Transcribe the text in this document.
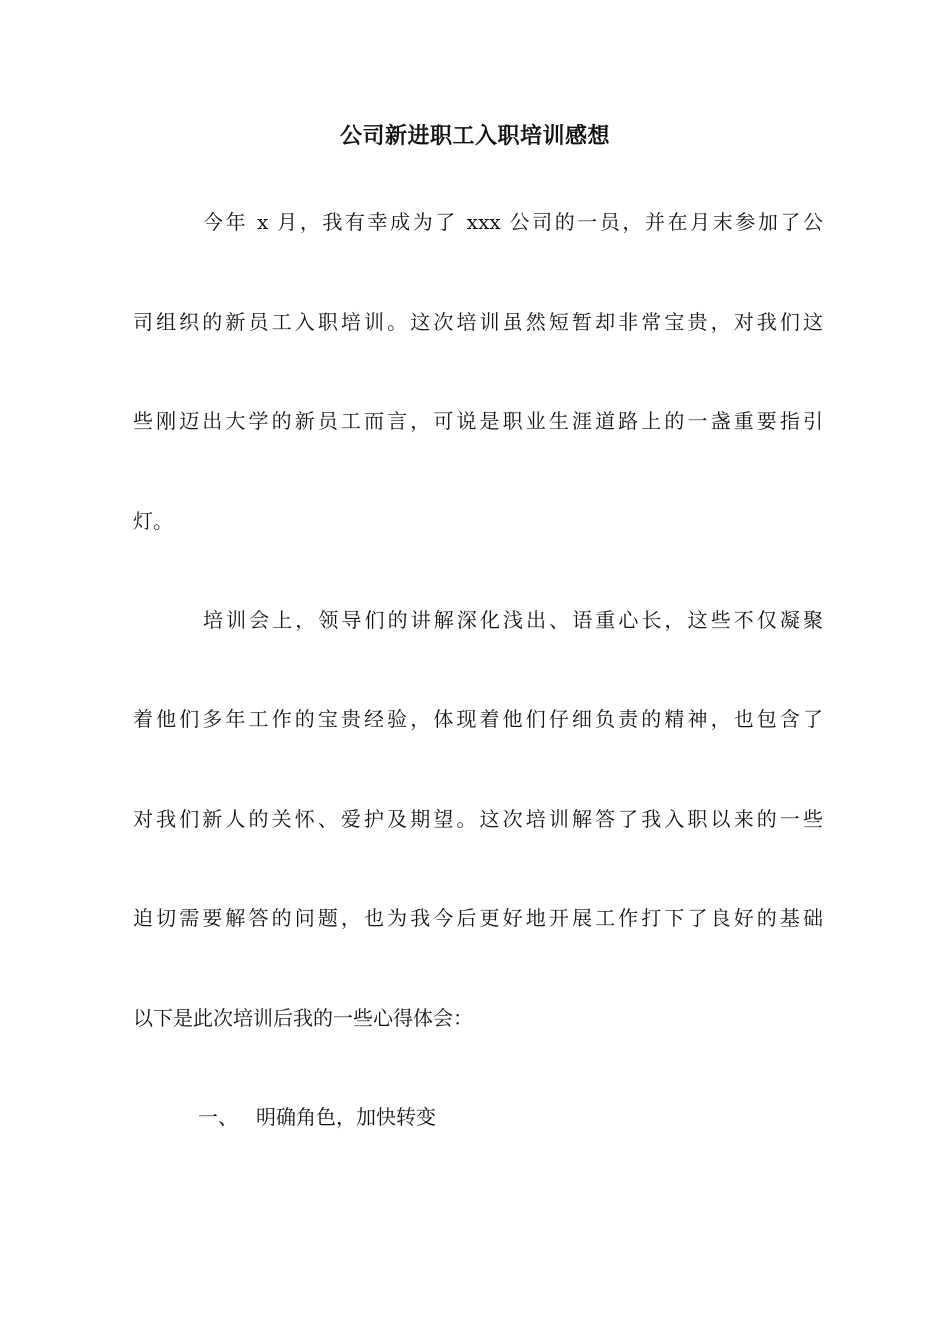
公司新进职工入职培训感想

今年 x 月，我有幸成为了 xxx 公司的一员，并在月末参加了公

司组织的新员工入职培训。这次培训虽然短暂却非常宝贵，对我们这

些刚迈出大学的新员工而言，可说是职业生涯道路上的一盏重要指引

灯。

培训会上，领导们的讲解深化浅出、语重心长，这些不仅凝聚

着他们多年工作的宝贵经验，体现着他们仔细负责的精神，也包含了

对我们新人的关怀、爱护及期望。这次培训解答了我入职以来的一些

迫切需要解答的问题，也为我今后更好地开展工作打下了良好的基础

以下是此次培训后我的一些心得体会：

一、 明确角色，加快转变
